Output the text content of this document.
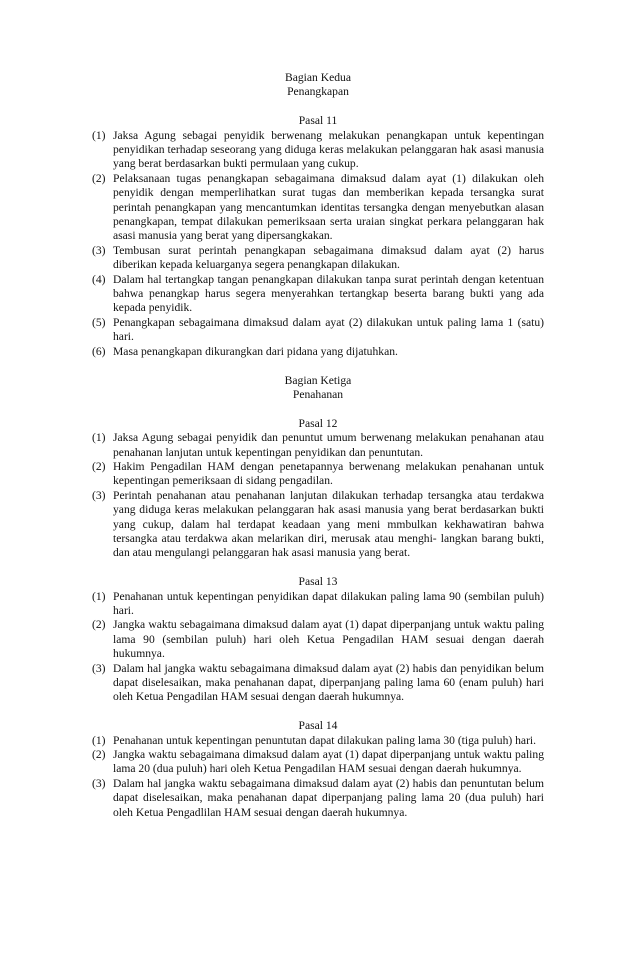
Bagian Kedua
Penangkapan
Pasal 11
(1) Jaksa Agung sebagai penyidik berwenang melakukan penangkapan untuk kepentingan penyidikan terhadap seseorang yang diduga keras melakukan pelanggaran hak asasi manusia yang berat berdasarkan bukti permulaan yang cukup.
(2) Pelaksanaan tugas penangkapan sebagaimana dimaksud dalam ayat (1) dilakukan oleh penyidik dengan memperlihatkan surat tugas dan memberikan kepada tersangka surat perintah penangkapan yang mencantumkan identitas tersangka dengan menyebutkan alasan penangkapan, tempat dilakukan pemeriksaan serta uraian singkat perkara pelanggaran hak asasi manusia yang berat yang dipersangkakan.
(3) Tembusan surat perintah penangkapan sebagaimana dimaksud dalam ayat (2) harus diberikan kepada keluarganya segera penangkapan dilakukan.
(4) Dalam hal tertangkap tangan penangkapan dilakukan tanpa surat perintah dengan ketentuan bahwa penangkap harus segera menyerahkan tertangkap beserta barang bukti yang ada kepada penyidik.
(5) Penangkapan sebagaimana dimaksud dalam ayat (2) dilakukan untuk paling lama 1 (satu) hari.
(6) Masa penangkapan dikurangkan dari pidana yang dijatuhkan.
Bagian Ketiga
Penahanan
Pasal 12
(1) Jaksa Agung sebagai penyidik dan penuntut umum berwenang melakukan penahanan atau penahanan lanjutan untuk kepentingan penyidikan dan penuntutan.
(2) Hakim Pengadilan HAM dengan penetapannya berwenang melakukan penahanan untuk kepentingan pemeriksaan di sidang pengadilan.
(3) Perintah penahanan atau penahanan lanjutan dilakukan terhadap tersangka atau terdakwa yang diduga keras melakukan pelanggaran hak asasi manusia yang berat berdasarkan bukti yang cukup, dalam hal terdapat keadaan yang meni mmbulkan kekhawatiran bahwa tersangka atau terdakwa akan melarikan diri, merusak atau menghi- langkan barang bukti, dan atau mengulangi pelanggaran hak asasi manusia yang berat.
Pasal 13
(1) Penahanan untuk kepentingan penyidikan dapat dilakukan paling lama 90 (sembilan puluh) hari.
(2) Jangka waktu sebagaimana dimaksud dalam ayat (1) dapat diperpanjang untuk waktu paling lama 90 (sembilan puluh) hari oleh Ketua Pengadilan HAM sesuai dengan daerah hukumnya.
(3) Dalam hal jangka waktu sebagaimana dimaksud dalam ayat (2) habis dan penyidikan belum dapat diselesaikan, maka penahanan dapat, diperpanjang paling lama 60 (enam puluh) hari oleh Ketua Pengadilan HAM sesuai dengan daerah hukumnya.
Pasal 14
(1) Penahanan untuk kepentingan penuntutan dapat dilakukan paling lama 30 (tiga puluh) hari.
(2) Jangka waktu sebagaimana dimaksud dalam ayat (1) dapat diperpanjang untuk waktu paling lama 20 (dua puluh) hari oleh Ketua Pengadilan HAM sesuai dengan daerah hukumnya.
(3) Dalam hal jangka waktu sebagaimana dimaksud dalam ayat (2) habis dan penuntutan belum dapat diselesaikan, maka penahanan dapat diperpanjang paling lama 20 (dua puluh) hari oleh Ketua Pengadlilan HAM sesuai dengan daerah hukumnya.
